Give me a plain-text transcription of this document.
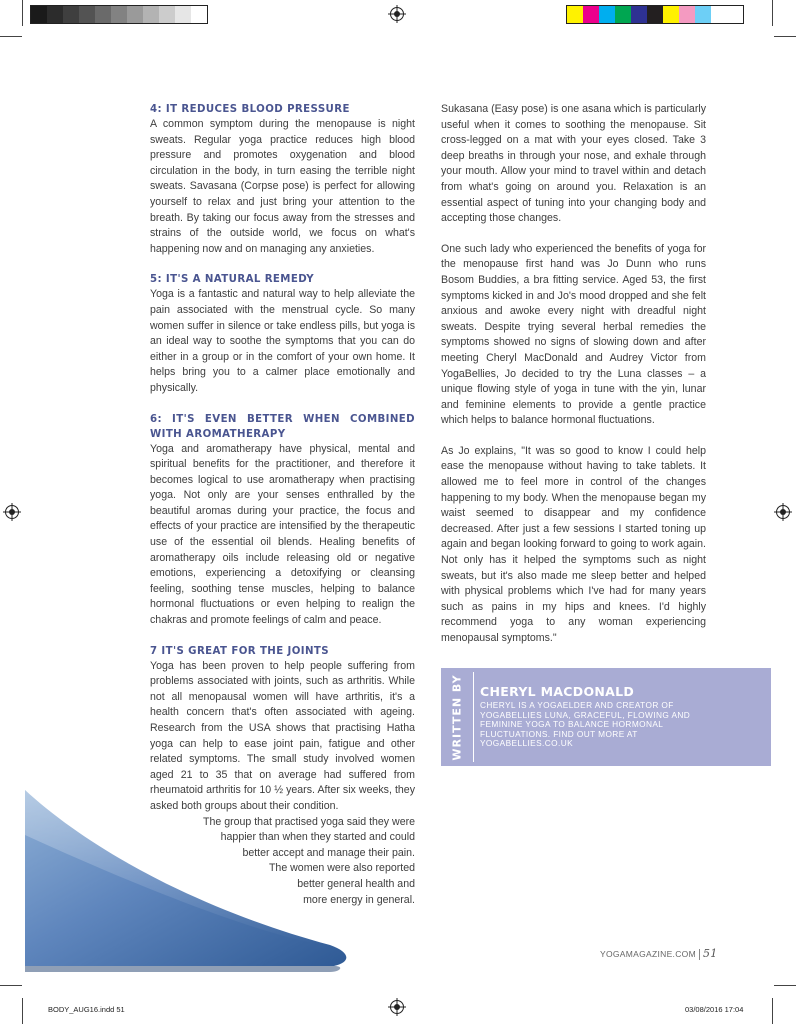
4: IT REDUCES BLOOD PRESSURE

A common symptom during the menopause is night sweats. Regular yoga practice reduces high blood pressure and promotes oxygenation and blood circulation in the body, in turn easing the terrible night sweats. Savasana (Corpse pose) is perfect for allowing yourself to relax and just bring your attention to the breath. By taking our focus away from the stresses and strains of the outside world, we focus on what's happening now and on managing any anxieties.

5: IT'S A NATURAL REMEDY

Yoga is a fantastic and natural way to help alleviate the pain associated with the menstrual cycle. So many women suffer in silence or take endless pills, but yoga is an ideal way to soothe the symptoms that you can do either in a group or in the comfort of your own home. It helps bring you to a calmer place emotionally and physically.

6: IT'S EVEN BETTER WHEN COMBINED WITH AROMATHERAPY

Yoga and aromatherapy have physical, mental and spiritual benefits for the practitioner, and therefore it becomes logical to use aromatherapy when practising yoga. Not only are your senses enthralled by the beautiful aromas during your practice, the focus and effects of your practice are intensified by the therapeutic use of the essential oil blends. Healing benefits of aromatherapy oils include releasing old or negative emotions, experiencing a detoxifying or cleansing feeling, soothing tense muscles, helping to balance hormonal fluctuations or even helping to realign the chakras and promote feelings of calm and peace.

7 IT'S GREAT FOR THE JOINTS
Yoga has been proven to help people suffering from problems associated with joints, such as arthritis. While not all menopausal women will have arthritis, it's a health concern that's often associated with ageing. Research from the USA shows that practising Hatha yoga can help to ease joint pain, fatigue and other related symptoms. The small study involved women aged 21 to 35 that on average had suffered from rheumatoid arthritis for 10 ½ years. After six weeks, they asked both groups about their condition.
The group that practised yoga said they were
happier than when they started and could
better accept and manage their pain.
The women were also reported
better general health and
more energy in general.

Sukasana (Easy pose) is one asana which is particularly useful when it comes to soothing the menopause. Sit cross-legged on a mat with your eyes closed. Take 3 deep breaths in through your nose, and exhale through your mouth. Allow your mind to travel within and detach from what's going on around you. Relaxation is an essential aspect of tuning into your changing body and accepting those changes.

One such lady who experienced the benefits of yoga for the menopause first hand was Jo Dunn who runs Bosom Buddies, a bra fitting service. Aged 53, the first symptoms kicked in and Jo's mood dropped and she felt anxious and awoke every night with dreadful night sweats. Despite trying several herbal remedies the symptoms showed no signs of slowing down and after meeting Cheryl MacDonald and Audrey Victor from YogaBellies, Jo decided to try the Luna classes – a unique flowing style of yoga in tune with the yin, lunar and feminine elements to provide a gentle practice which helps to balance hormonal fluctuations.

As Jo explains, "It was so good to know I could help ease the menopause without having to take tablets. It allowed me to feel more in control of the changes happening to my body. When the menopause began my waist seemed to disappear and my confidence decreased. After just a few sessions I started toning up again and began looking forward to going to work again. Not only has it helped the symptoms such as night sweats, but it's also made me sleep better and helped with physical problems which I've had for many years such as pains in my hips and knees. I'd highly recommend yoga to any woman experiencing menopausal symptoms."

WRITTEN BY CHERYL MACDONALD
CHERYL IS A YOGAELDER AND CREATOR OF YOGABELLIES LUNA, GRACEFUL, FLOWING AND FEMININE YOGA TO BALANCE HORMONAL FLUCTUATIONS. FIND OUT MORE AT YOGABELLIES.CO.UK
YOGAMAGAZINE.COM 51
BODY_AUG16.indd 51	03/08/2016 17:04
